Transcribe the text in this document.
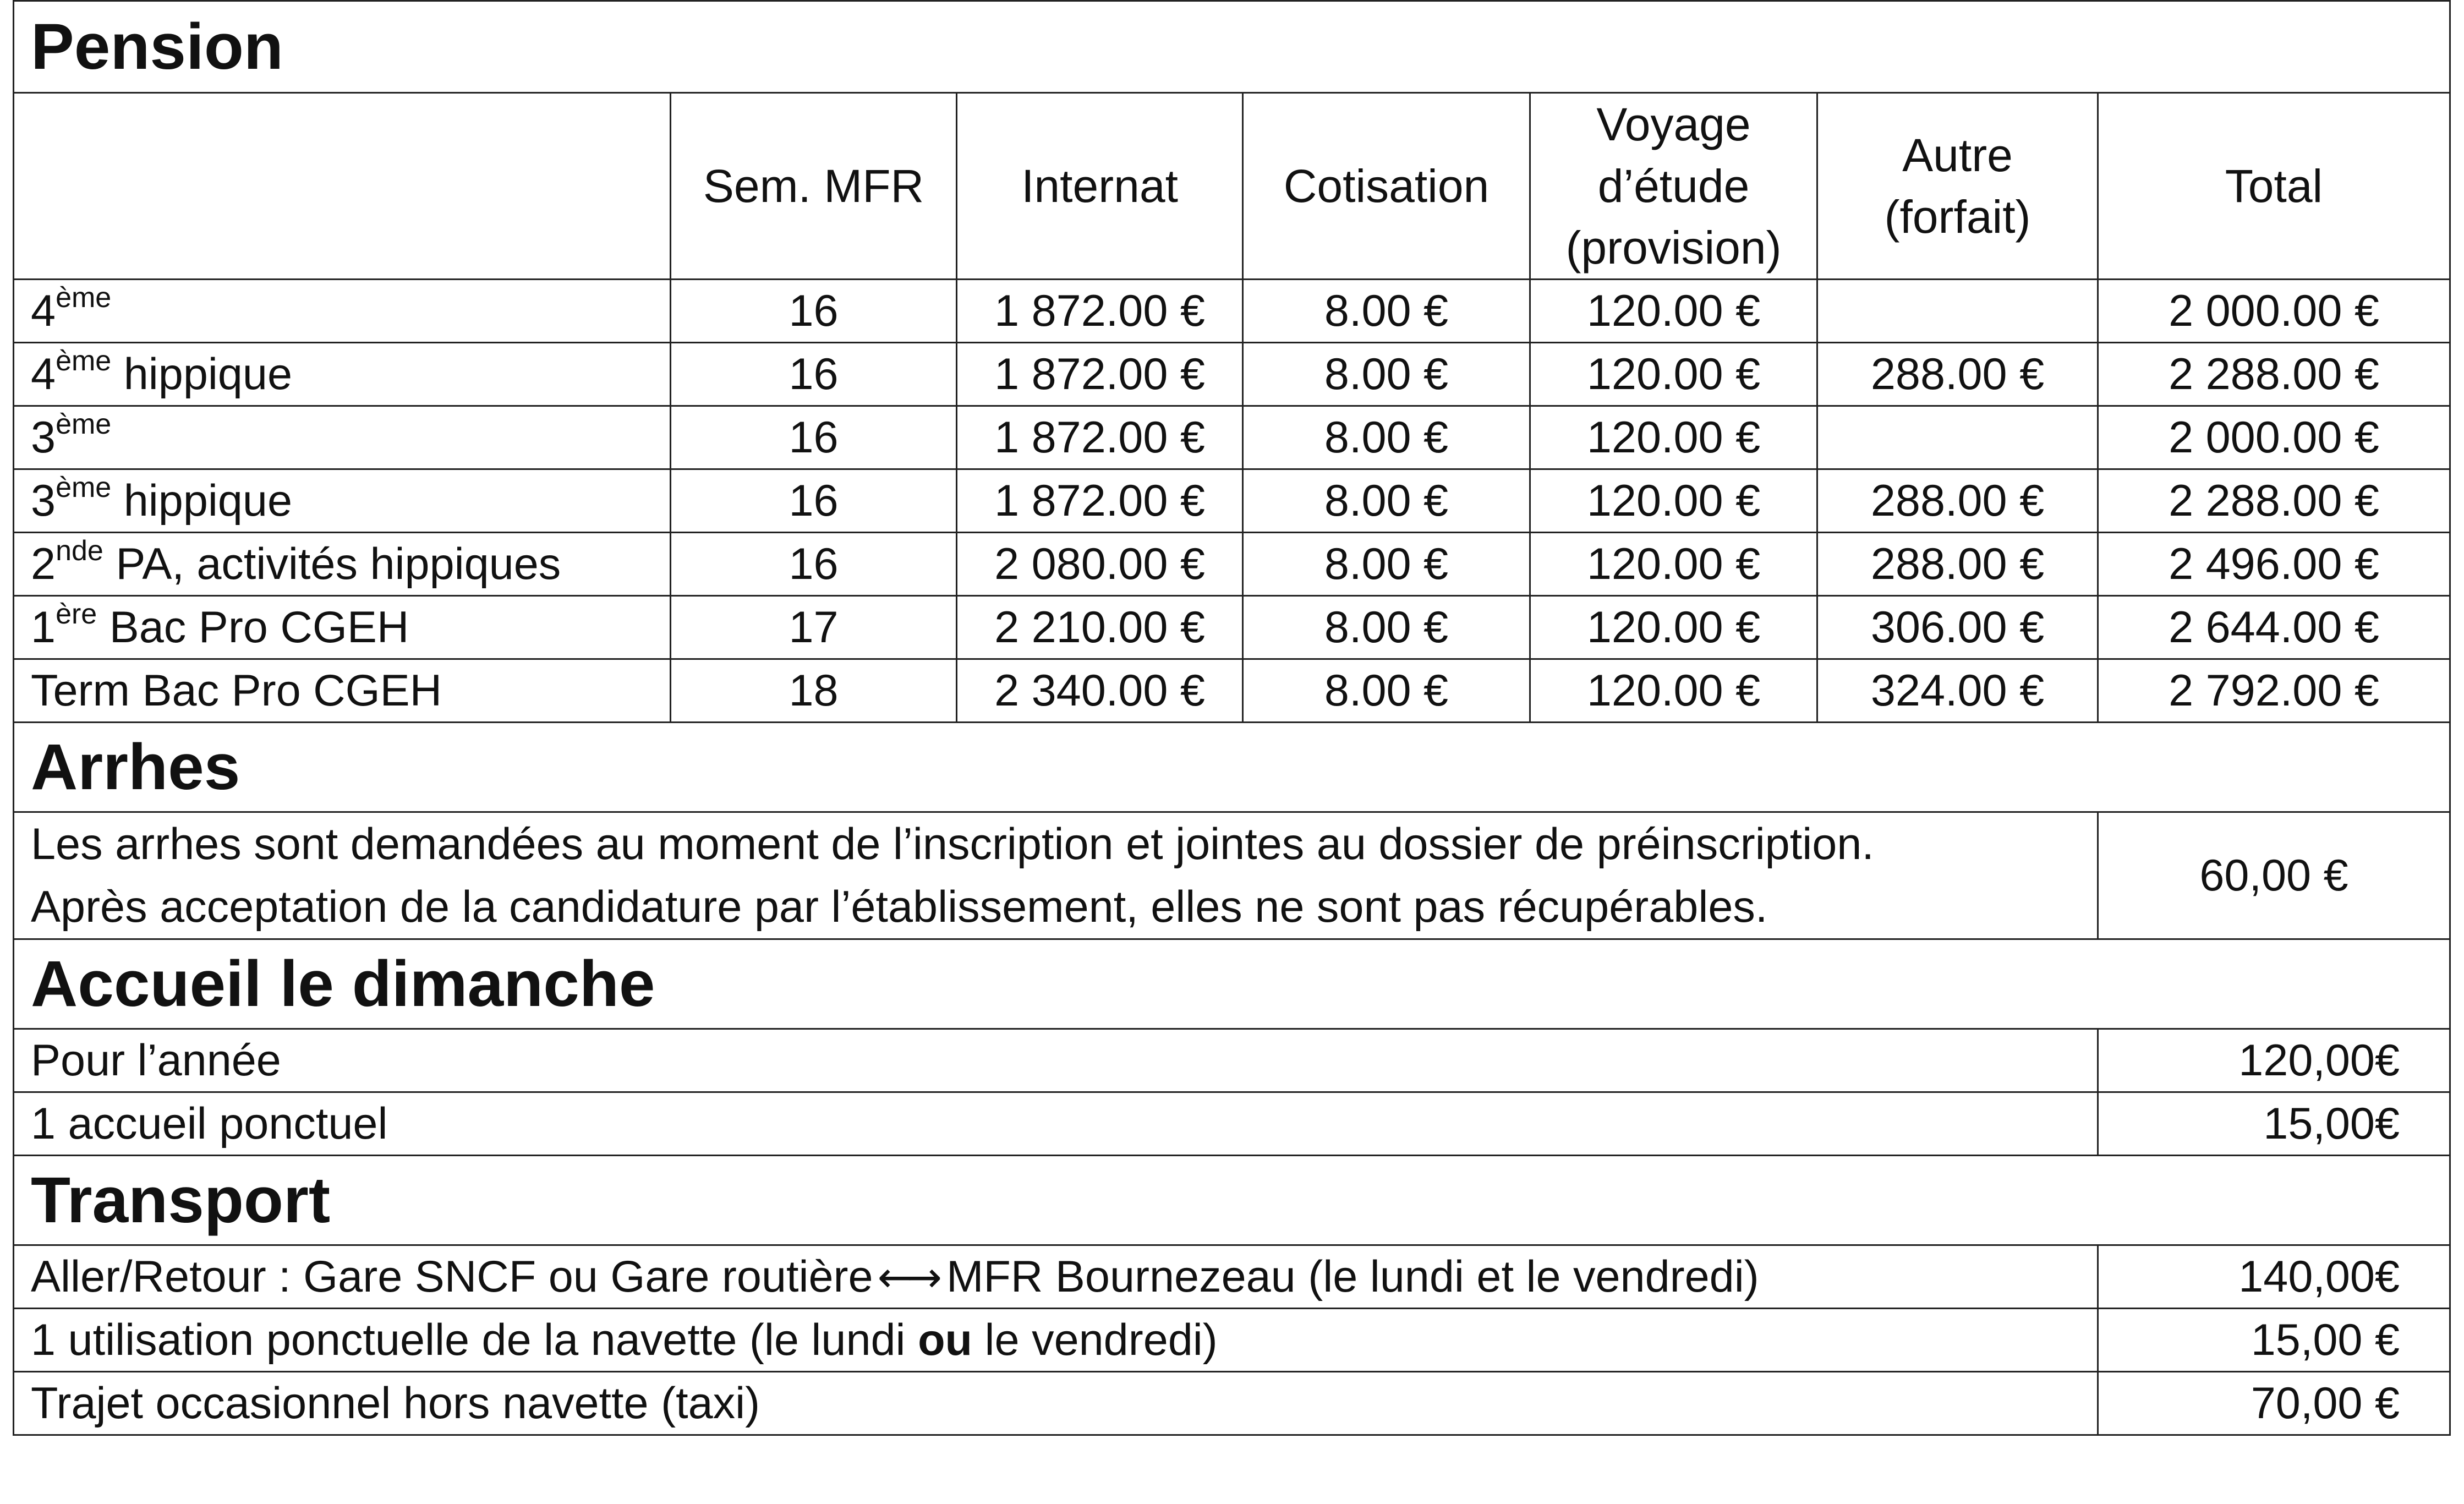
Pension						
	Sem. MFR	Internat	Cotisation	Voyage d’étude (provision)	Autre (forfait)	Total
4ème	16	1 872.00 €	8.00 €	120.00 €		2 000.00 €
4ème hippique	16	1 872.00 €	8.00 €	120.00 €	288.00 €	2 288.00 €
3ème	16	1 872.00 €	8.00 €	120.00 €		2 000.00 €
3ème hippique	16	1 872.00 €	8.00 €	120.00 €	288.00 €	2 288.00 €
2nde PA, activités hippiques	16	2 080.00 €	8.00 €	120.00 €	288.00 €	2 496.00 €
1ère Bac Pro CGEH	17	2 210.00 €	8.00 €	120.00 €	306.00 €	2 644.00 €
Term Bac Pro CGEH	18	2 340.00 €	8.00 €	120.00 €	324.00 €	2 792.00 €
Arrhes						

Les arrhes sont demandées au moment de l’inscription et jointes au dossier de préinscription.
Après acceptation de la candidature par l’établissement, elles ne sont pas récupérables.						60,00 €
Accueil le dimanche						
Pour l’année						120,00€
1 accueil ponctuel						15,00€
Transport						
Aller/Retour : Gare SNCF ou Gare routière ←→ MFR Bournezeau (le lundi et le vendredi)						140,00€
1 utilisation ponctuelle de la navette (le lundi ou le vendredi)						15,00 €
Trajet occasionnel hors navette (taxi)						70,00 €
